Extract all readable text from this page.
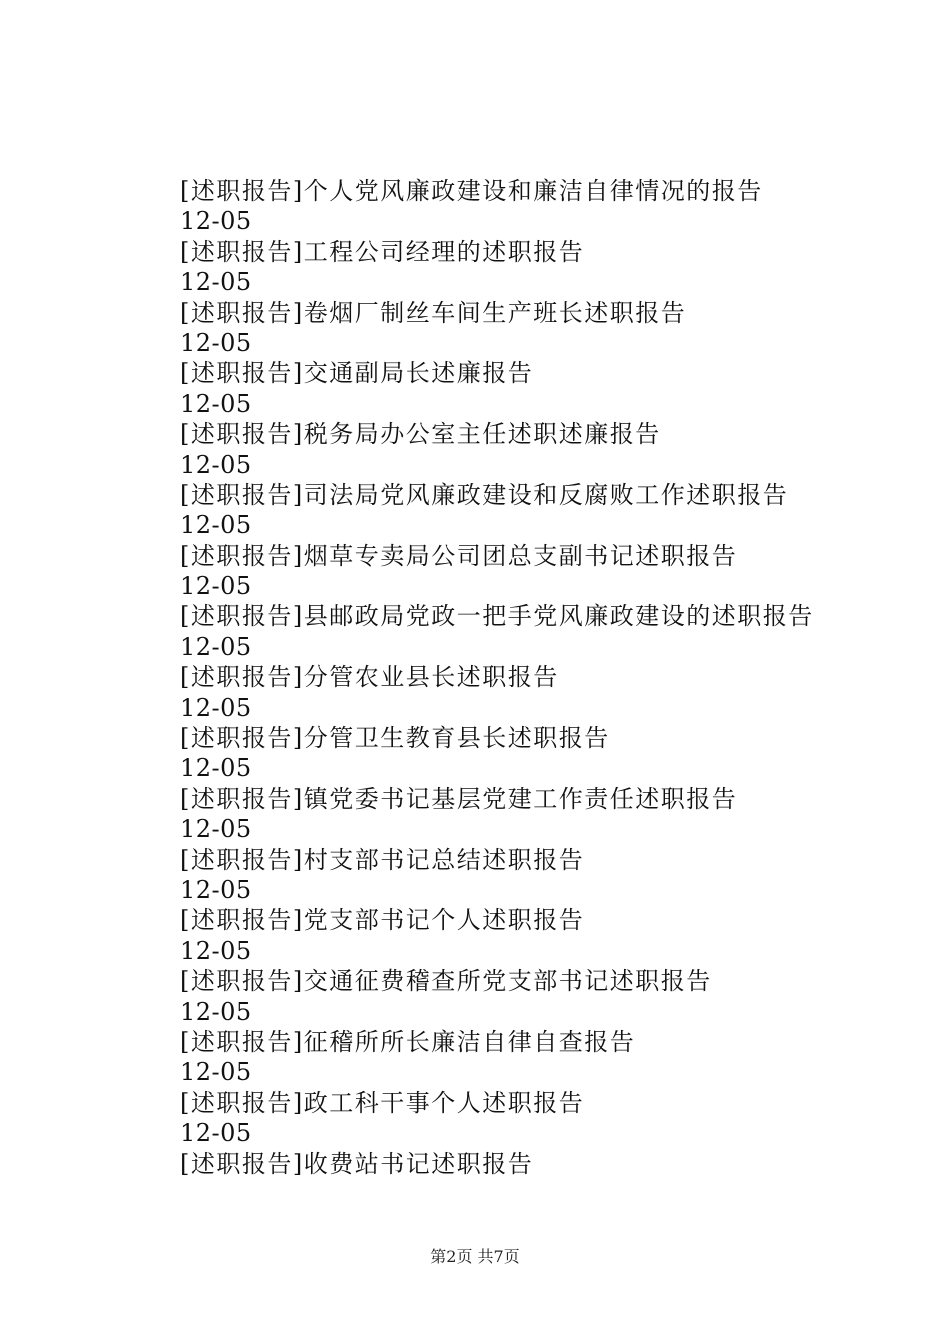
[述职报告]个人党风廉政建设和廉洁自律情况的报告
12-05
[述职报告]工程公司经理的述职报告
12-05
[述职报告]卷烟厂制丝车间生产班长述职报告
12-05
[述职报告]交通副局长述廉报告
12-05
[述职报告]税务局办公室主任述职述廉报告
12-05
[述职报告]司法局党风廉政建设和反腐败工作述职报告
12-05
[述职报告]烟草专卖局公司团总支副书记述职报告
12-05
[述职报告]县邮政局党政一把手党风廉政建设的述职报告
12-05
[述职报告]分管农业县长述职报告
12-05
[述职报告]分管卫生教育县长述职报告
12-05
[述职报告]镇党委书记基层党建工作责任述职报告
12-05
[述职报告]村支部书记总结述职报告
12-05
[述职报告]党支部书记个人述职报告
12-05
[述职报告]交通征费稽查所党支部书记述职报告
12-05
[述职报告]征稽所所长廉洁自律自查报告
12-05
[述职报告]政工科干事个人述职报告
12-05
[述职报告]收费站书记述职报告
第2页 共7页
